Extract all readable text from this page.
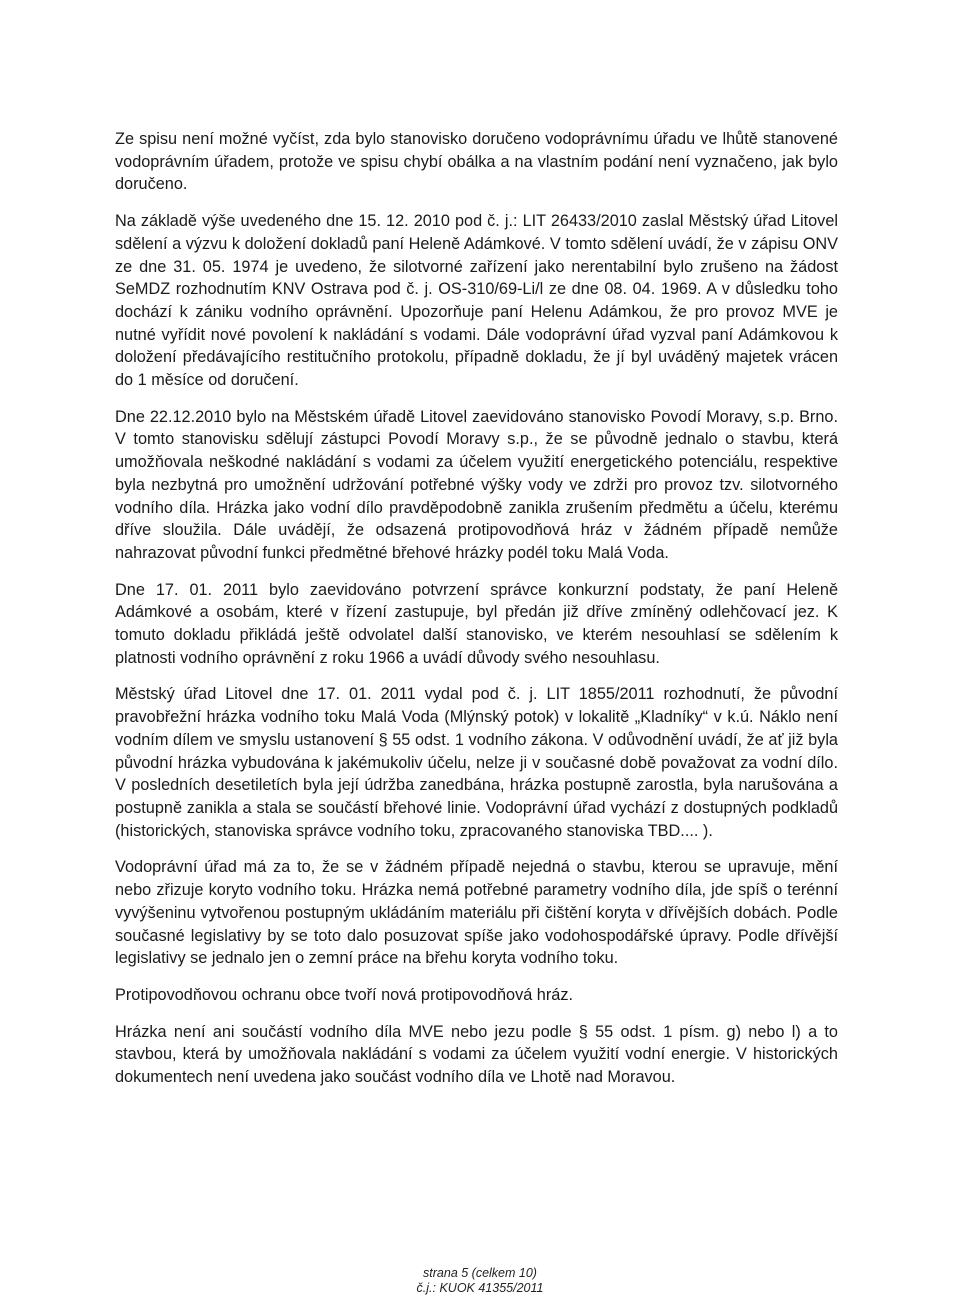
Ze spisu není možné vyčíst, zda bylo stanovisko doručeno vodoprávnímu úřadu ve lhůtě stanovené vodoprávním úřadem, protože ve spisu chybí obálka a na vlastním podání není vyznačeno, jak bylo doručeno.

Na základě výše uvedeného dne 15. 12. 2010 pod č. j.: LIT 26433/2010 zaslal Městský úřad Litovel sdělení a výzvu k doložení dokladů paní Heleně Adámkové. V tomto sdělení uvádí, že v zápisu ONV ze dne 31. 05. 1974 je uvedeno, že silotvorné zařízení jako nerentabilní bylo zrušeno na žádost SeMDZ rozhodnutím KNV Ostrava pod č. j. OS-310/69-Li/l ze dne 08. 04. 1969. A v důsledku toho dochází k zániku vodního oprávnění. Upozorňuje paní Helenu Adámkou, že pro provoz MVE je nutné vyřídit nové povolení k nakládání s vodami. Dále vodoprávní úřad vyzval paní Adámkovou k doložení předávajícího restitučního protokolu, případně dokladu, že jí byl uváděný majetek vrácen do 1 měsíce od doručení.

Dne 22.12.2010 bylo na Městském úřadě Litovel zaevidováno stanovisko Povodí Moravy, s.p. Brno. V tomto stanovisku sdělují zástupci Povodí Moravy s.p., že se původně jednalo o stavbu, která umožňovala neškodné nakládání s vodami za účelem využití energetického potenciálu, respektive byla nezbytná pro umožnění udržování potřebné výšky vody ve zdrži pro provoz tzv. silotvorného vodního díla. Hrázka jako vodní dílo pravděpodobně zanikla zrušením předmětu a účelu, kterému dříve sloužila. Dále uvádějí, že odsazená protipovodňová hráz v žádném případě nemůže nahrazovat původní funkci předmětné břehové hrázky podél toku Malá Voda.

Dne 17. 01. 2011 bylo zaevidováno potvrzení správce konkurzní podstaty, že paní Heleně Adámkové a osobám, které v řízení zastupuje, byl předán již dříve zmíněný odlehčovací jez. K tomuto dokladu přikládá ještě odvolatel další stanovisko, ve kterém nesouhlasí se sdělením k platnosti vodního oprávnění z roku 1966 a uvádí důvody svého nesouhlasu.

Městský úřad Litovel dne 17. 01. 2011 vydal pod č. j. LIT 1855/2011 rozhodnutí, že původní pravobřežní hrázka vodního toku Malá Voda (Mlýnský potok) v lokalitě „Kladníky“ v k.ú. Náklo není vodním dílem ve smyslu ustanovení § 55 odst. 1 vodního zákona. V odůvodnění uvádí, že ať již byla původní hrázka vybudována k jakémukoliv účelu, nelze ji v současné době považovat za vodní dílo. V posledních desetiletích byla její údržba zanedbána, hrázka postupně zarostla, byla narušována a postupně zanikla a stala se součástí břehové linie. Vodoprávní úřad vychází z dostupných podkladů (historických, stanoviska správce vodního toku, zpracovaného stanoviska TBD.... ).

Vodoprávní úřad má za to, že se v žádném případě nejedná o stavbu, kterou se upravuje, mění nebo zřizuje koryto vodního toku. Hrázka nemá potřebné parametry vodního díla, jde spíš o terénní vyvýšeninu vytvořenou postupným ukládáním materiálu při čištění koryta v dřívějších dobách. Podle současné legislativy by se toto dalo posuzovat spíše jako vodohospodářské úpravy. Podle dřívější legislativy se jednalo jen o zemní práce na břehu koryta vodního toku.

Protipovodňovou ochranu obce tvoří nová protipovodňová hráz.

Hrázka není ani součástí vodního díla MVE nebo jezu podle § 55 odst. 1 písm. g) nebo l) a to stavbou, která by umožňovala nakládání s vodami za účelem využití vodní energie. V historických dokumentech není uvedena jako součást vodního díla ve Lhotě nad Moravou.

strana 5 (celkem 10)
č.j.: KUOK 41355/2011
